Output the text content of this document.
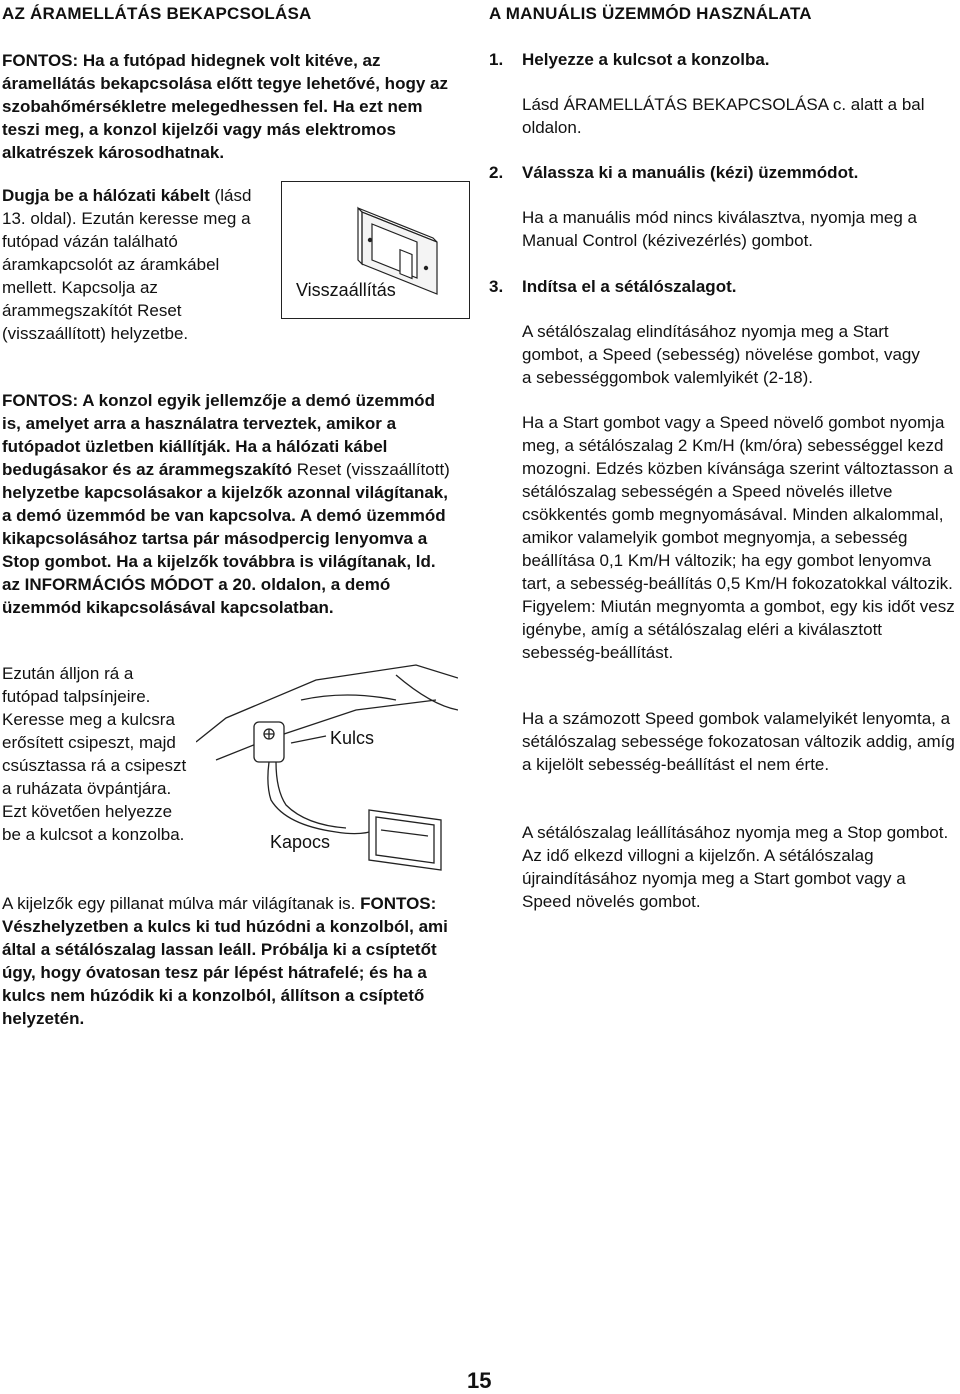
AZ ÁRAMELLÁTÁS BEKAPCSOLÁSA

FONTOS: Ha a futópad hidegnek volt kitéve, az áramellátás bekapcsolása előtt tegye lehetővé, hogy az szobahőmérsékletre melegedhessen fel. Ha ezt nem teszi meg, a konzol kijelzői vagy más elektromos alkatrészek károsodhatnak.

Dugja be a hálózati kábelt (lásd 13. oldal). Ezután keresse meg a futópad vázán található áramkapcsolót az áramkábel mellett. Kapcsolja az árammegszakítót Reset (visszaállított) helyzetbe.

Visszaállítás

FONTOS: A konzol egyik jellemzője a demó üzemmód is, amelyet arra a használatra terveztek, amikor a futópadot üzletben kiállítják. Ha a hálózati kábel bedugásakor és az árammegszakító Reset (visszaállított) helyzetbe kapcsolásakor a kijelzők azonnal világítanak, a demó üzemmód be van kapcsolva. A demó üzemmód kikapcsolásához tartsa pár másodpercig lenyomva a Stop gombot. Ha a kijelzők továbbra is világítanak, ld. az INFORMÁCIÓS MÓDOT a 20. oldalon, a demó üzemmód kikapcsolásával kapcsolatban.

Ezután álljon rá a futópad talpsínjeire. Keresse meg a kulcsra erősített csipeszt, majd csúsztassa rá a csipeszt a ruházata övpántjára. Ezt követően helyezze be a kulcsot a konzolba.

Kulcs
Kapocs

A kijelzők egy pillanat múlva már világítanak is. FONTOS: Vészhelyzetben a kulcs ki tud húzódni a konzolból, ami által a sétálószalag lassan leáll. Próbálja ki a csíptetőt úgy, hogy óvatosan tesz pár lépést hátrafelé; és ha a kulcs nem húzódik ki a konzolból, állítson a csíptető helyzetén.

A MANUÁLIS ÜZEMMÓD HASZNÁLATA
1. Helyezze a kulcsot a konzolba.

Lásd ÁRAMELLÁTÁS BEKAPCSOLÁSA c. alatt a bal oldalon.

2. Válassza ki a manuális (kézi) üzemmódot.

Ha a manuális mód nincs kiválasztva, nyomja meg a Manual Control (kézivezérlés) gombot.

3. Indítsa el a sétálószalagot.

A sétálószalag elindításához nyomja meg a Start gombot, a Speed (sebesség) növelése gombot, vagy a sebességgombok valemlyikét (2-18).

Ha a Start gombot vagy a Speed növelő gombot nyomja meg, a sétálószalag 2 Km/H (km/óra) sebességgel kezd mozogni. Edzés közben kívánsága szerint változtasson a sétálószalag sebességén a Speed növelés illetve csökkentés gomb megnyomásával. Minden alkalommal, amikor valamelyik gombot megnyomja, a sebesség beállítása 0,1 Km/H változik; ha egy gombot lenyomva tart, a sebesség-beállítás 0,5 Km/H fokozatokkal változik. Figyelem: Miután megnyomta a gombot, egy kis időt vesz igénybe, amíg a sétálószalag eléri a kiválasztott sebesség-beállítást.

Ha a számozott Speed gombok valamelyikét lenyomta, a sétálószalag sebessége fokozatosan változik addig, amíg a kijelölt sebesség-beállítást el nem érte.

A sétálószalag leállításához nyomja meg a Stop gombot. Az idő elkezd villogni a kijelzőn. A sétálószalag újraindításához nyomja meg a Start gombot vagy a Speed növelés gombot.

15
